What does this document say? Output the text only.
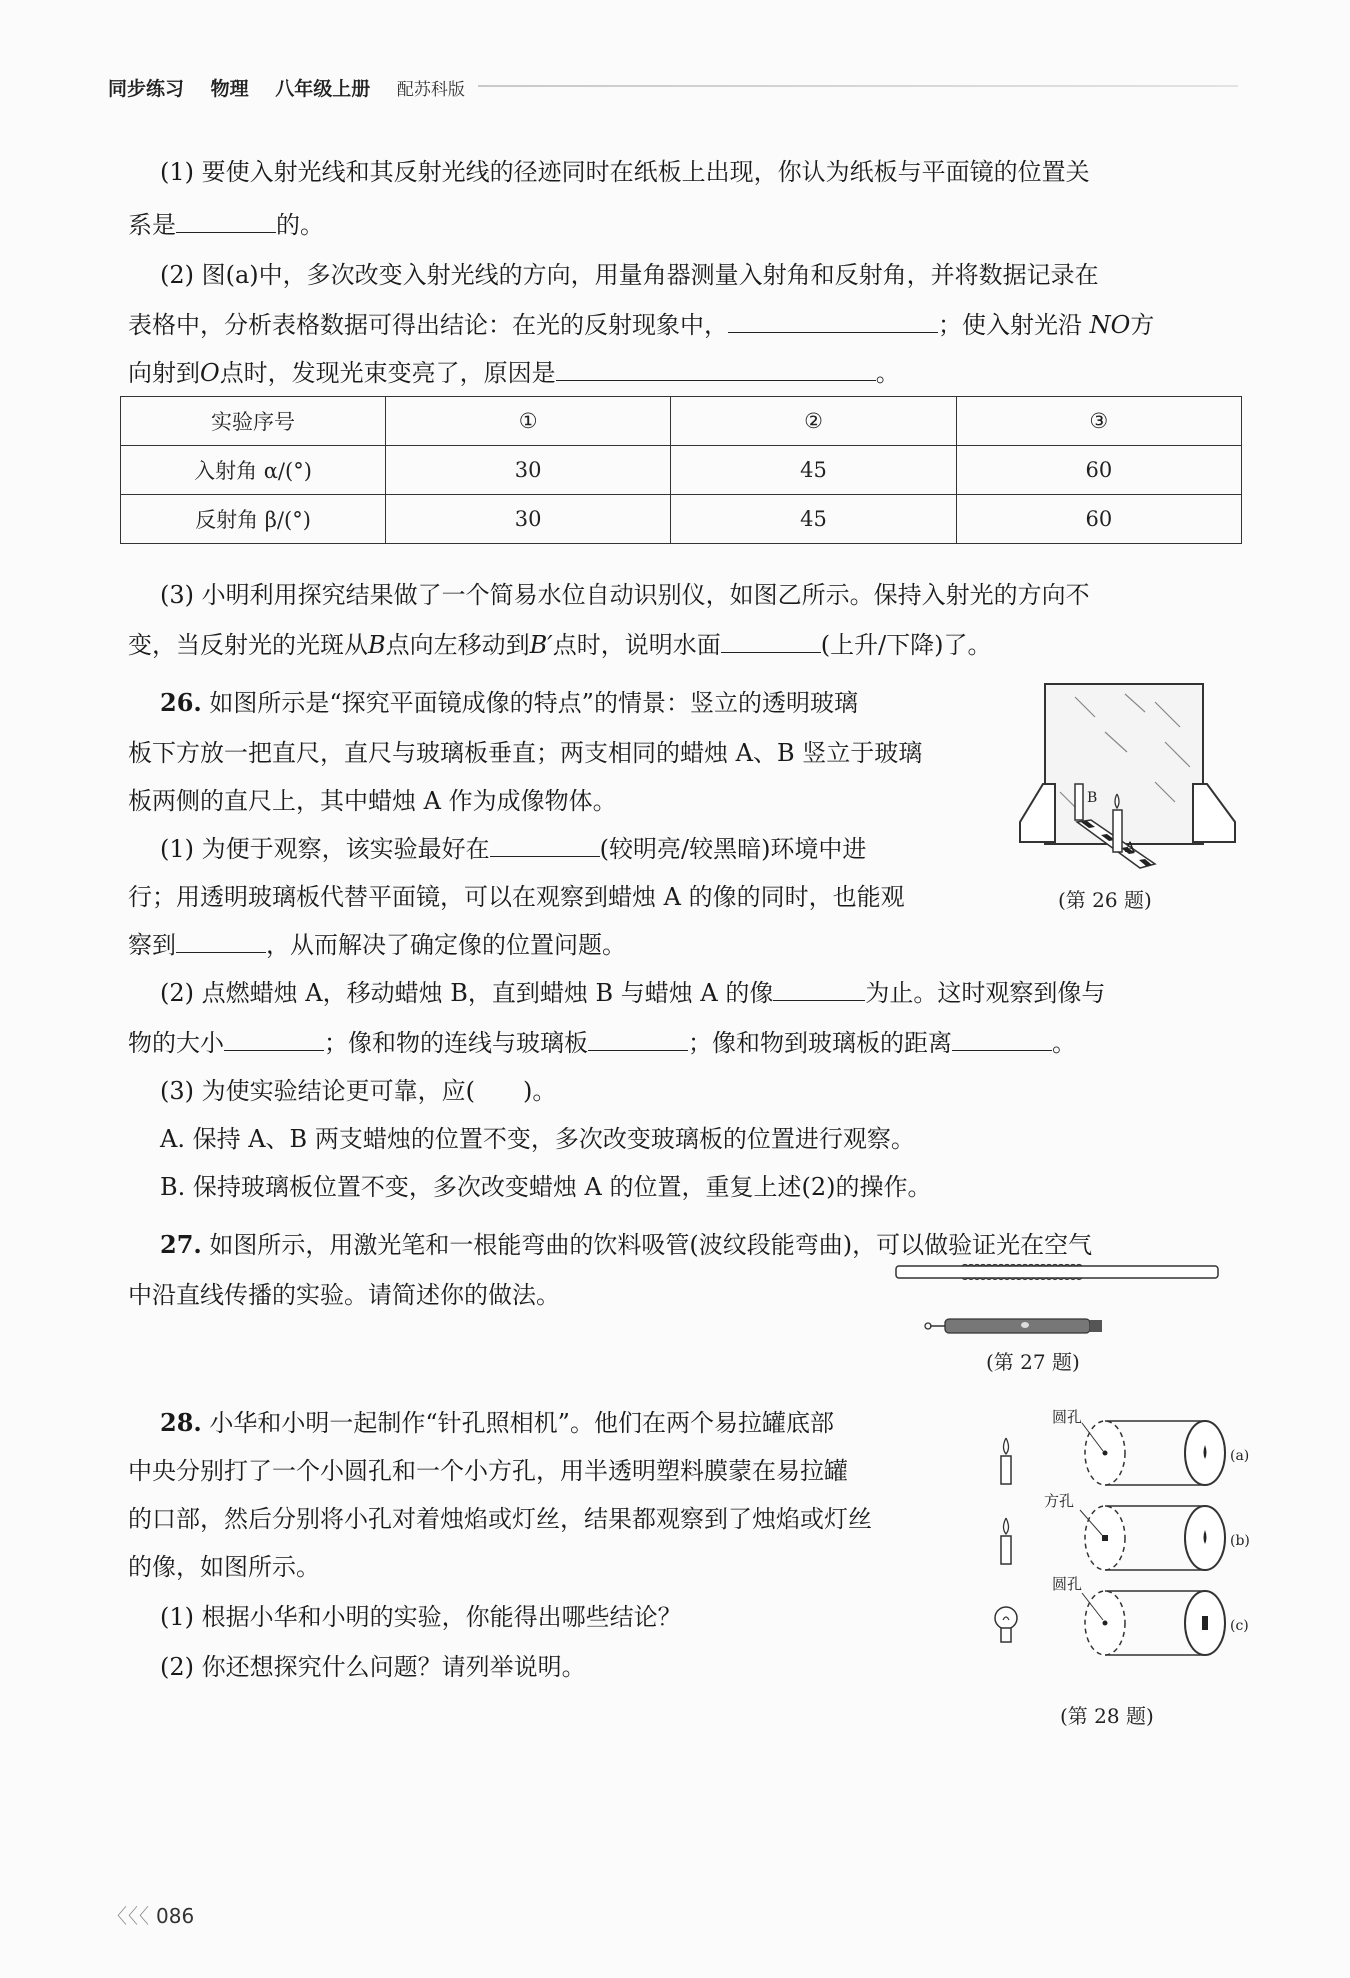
同步练习 物理 八年级上册 配苏科版
(1) 要使入射光线和其反射光线的径迹同时在纸板上出现，你认为纸板与平面镜的位置关
系是	的。
(2) 图(a)中，多次改变入射光线的方向，用量角器测量入射角和反射角，并将数据记录在
表格中，分析表格数据可得出结论：在光的反射现象中，	；使入射光沿 NO方
向射到O点时，发现光束变亮了，原因是	。
实验序号	①	②	③
入射角 α/(°)	30	45	60
反射角 β/(°)	30	45	60
(3) 小明利用探究结果做了一个简易水位自动识别仪，如图乙所示。保持入射光的方向不
变，当反射光的光斑从B点向左移动到B′点时，说明水面	(上升/下降)了。
26. 如图所示是“探究平面镜成像的特点”的情景：竖立的透明玻璃
板下方放一把直尺，直尺与玻璃板垂直；两支相同的蜡烛 A、B 竖立于玻璃
板两侧的直尺上，其中蜡烛 A 作为成像物体。
(1) 为便于观察，该实验最好在	(较明亮/较黑暗)环境中进
行；用透明玻璃板代替平面镜，可以在观察到蜡烛 A 的像的同时，也能观
察到	，从而解决了确定像的位置问题。
(2) 点燃蜡烛 A，移动蜡烛 B，直到蜡烛 B 与蜡烛 A 的像	为止。这时观察到像与
物的大小	；像和物的连线与玻璃板	；像和物到玻璃板的距离	。
(3) 为使实验结论更可靠，应(　　)。
A. 保持 A、B 两支蜡烛的位置不变，多次改变玻璃板的位置进行观察。
B. 保持玻璃板位置不变，多次改变蜡烛 A 的位置，重复上述(2)的操作。
B
A
(第 26 题)
27. 如图所示，用激光笔和一根能弯曲的饮料吸管(波纹段能弯曲)，可以做验证光在空气
中沿直线传播的实验。请简述你的做法。
(第 27 题)
28. 小华和小明一起制作“针孔照相机”。他们在两个易拉罐底部
中央分别打了一个小圆孔和一个小方孔，用半透明塑料膜蒙在易拉罐
的口部，然后分别将小孔对着烛焰或灯丝，结果都观察到了烛焰或灯丝
的像，如图所示。
(1) 根据小华和小明的实验，你能得出哪些结论？
(2) 你还想探究什么问题？请列举说明。
圆孔
(a)
方孔
(b)
圆孔
(c)
(第 28 题)
〈〈〈 086
